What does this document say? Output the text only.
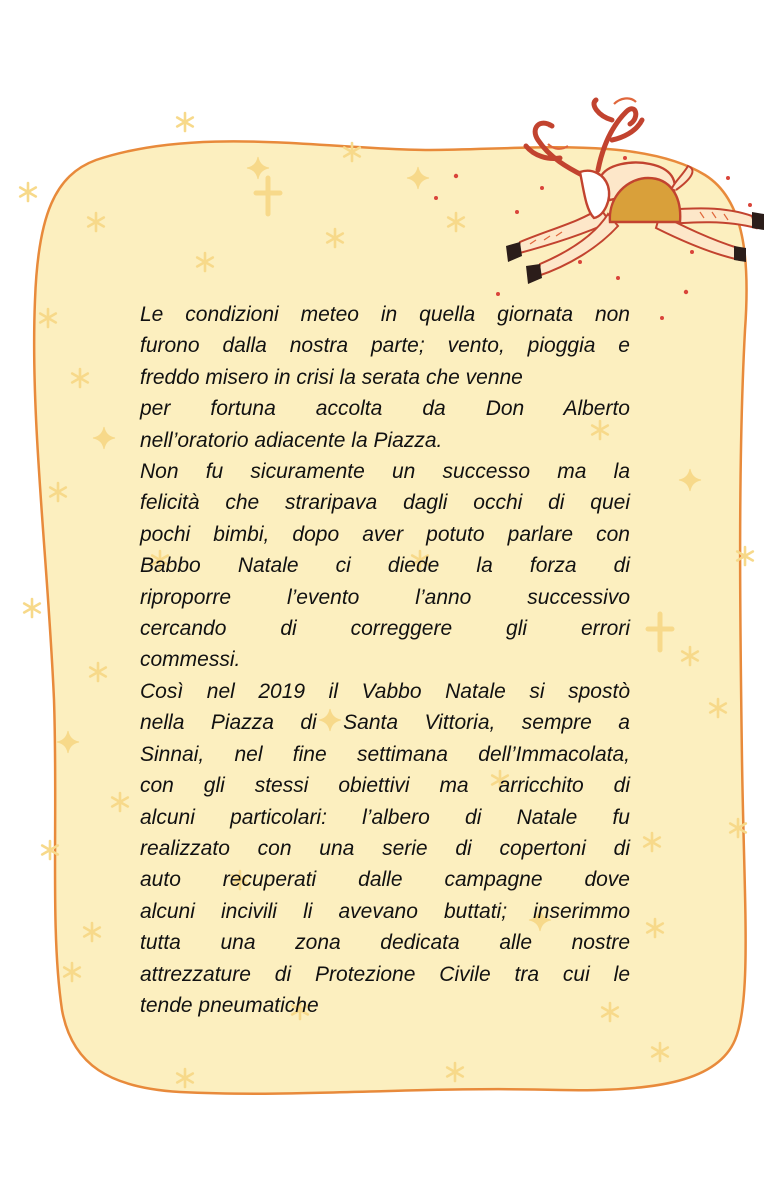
Le condizioni meteo in quella giornata non
furono dalla nostra parte; vento, pioggia e
freddo misero in crisi la serata che venne
per fortuna accolta da Don Alberto
nell’oratorio adiacente la Piazza.

Non fu sicuramente un successo ma la
felicità che straripava dagli occhi di quei
pochi bimbi, dopo aver potuto parlare con
Babbo Natale ci diede la forza di
riproporre l’evento l’anno successivo
cercando di correggere gli errori
commessi.

Così nel 2019 il Vabbo Natale si spostò
nella Piazza di Santa Vittoria, sempre a
Sinnai, nel fine settimana dell’Immacolata,
con gli stessi obiettivi ma arricchito di
alcuni particolari: l’albero di Natale fu
realizzato con una serie di copertoni di
auto recuperati dalle campagne dove
alcuni incivili li avevano buttati; inserimmo
tutta una zona dedicata alle nostre
attrezzature di Protezione Civile tra cui le
tende pneumatiche
